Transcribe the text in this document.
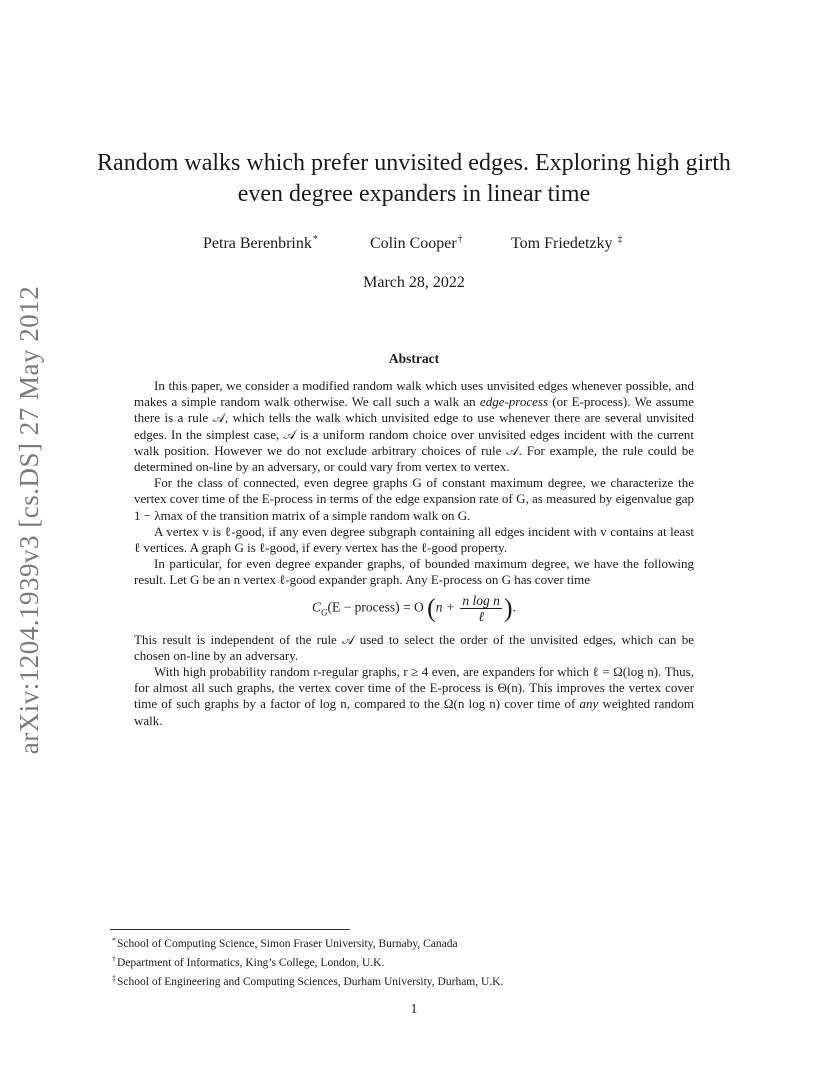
arXiv:1204.1939v3 [cs.DS] 27 May 2012
Random walks which prefer unvisited edges. Exploring high girth even degree expanders in linear time
Petra Berenbrink*	Colin Cooper†	Tom Friedetzky ‡
March 28, 2022
Abstract

In this paper, we consider a modified random walk which uses unvisited edges whenever possible, and makes a simple random walk otherwise. We call such a walk an edge-process (or E-process). We assume there is a rule 𝒜, which tells the walk which unvisited edge to use whenever there are several unvisited edges. In the simplest case, 𝒜 is a uniform random choice over unvisited edges incident with the current walk position. However we do not exclude arbitrary choices of rule 𝒜. For example, the rule could be determined on-line by an adversary, or could vary from vertex to vertex.

For the class of connected, even degree graphs G of constant maximum degree, we characterize the vertex cover time of the E-process in terms of the edge expansion rate of G, as measured by eigenvalue gap 1 − λmax of the transition matrix of a simple random walk on G.

A vertex v is ℓ-good, if any even degree subgraph containing all edges incident with v contains at least ℓ vertices. A graph G is ℓ-good, if every vertex has the ℓ-good property.

In particular, for even degree expander graphs, of bounded maximum degree, we have the following result. Let G be an n vertex ℓ-good expander graph. Any E-process on G has cover time

$C_G(E$ − process) = O ($n + \frac{\text{n log n}}{\text{ℓ}}$ ).

This result is independent of the rule 𝒜 used to select the order of the unvisited edges, which can be chosen on-line by an adversary.

With high probability random r-regular graphs, r ≥ 4 even, are expanders for which ℓ = Ω(log n). Thus, for almost all such graphs, the vertex cover time of the E-process is Θ(n). This improves the vertex cover time of such graphs by a factor of log n, compared to the Ω(n log n) cover time of any weighted random walk.

*School of Computing Science, Simon Fraser University, Burnaby, Canada
†Department of Informatics, King’s College, London, U.K.
‡School of Engineering and Computing Sciences, Durham University, Durham, U.K.
1
